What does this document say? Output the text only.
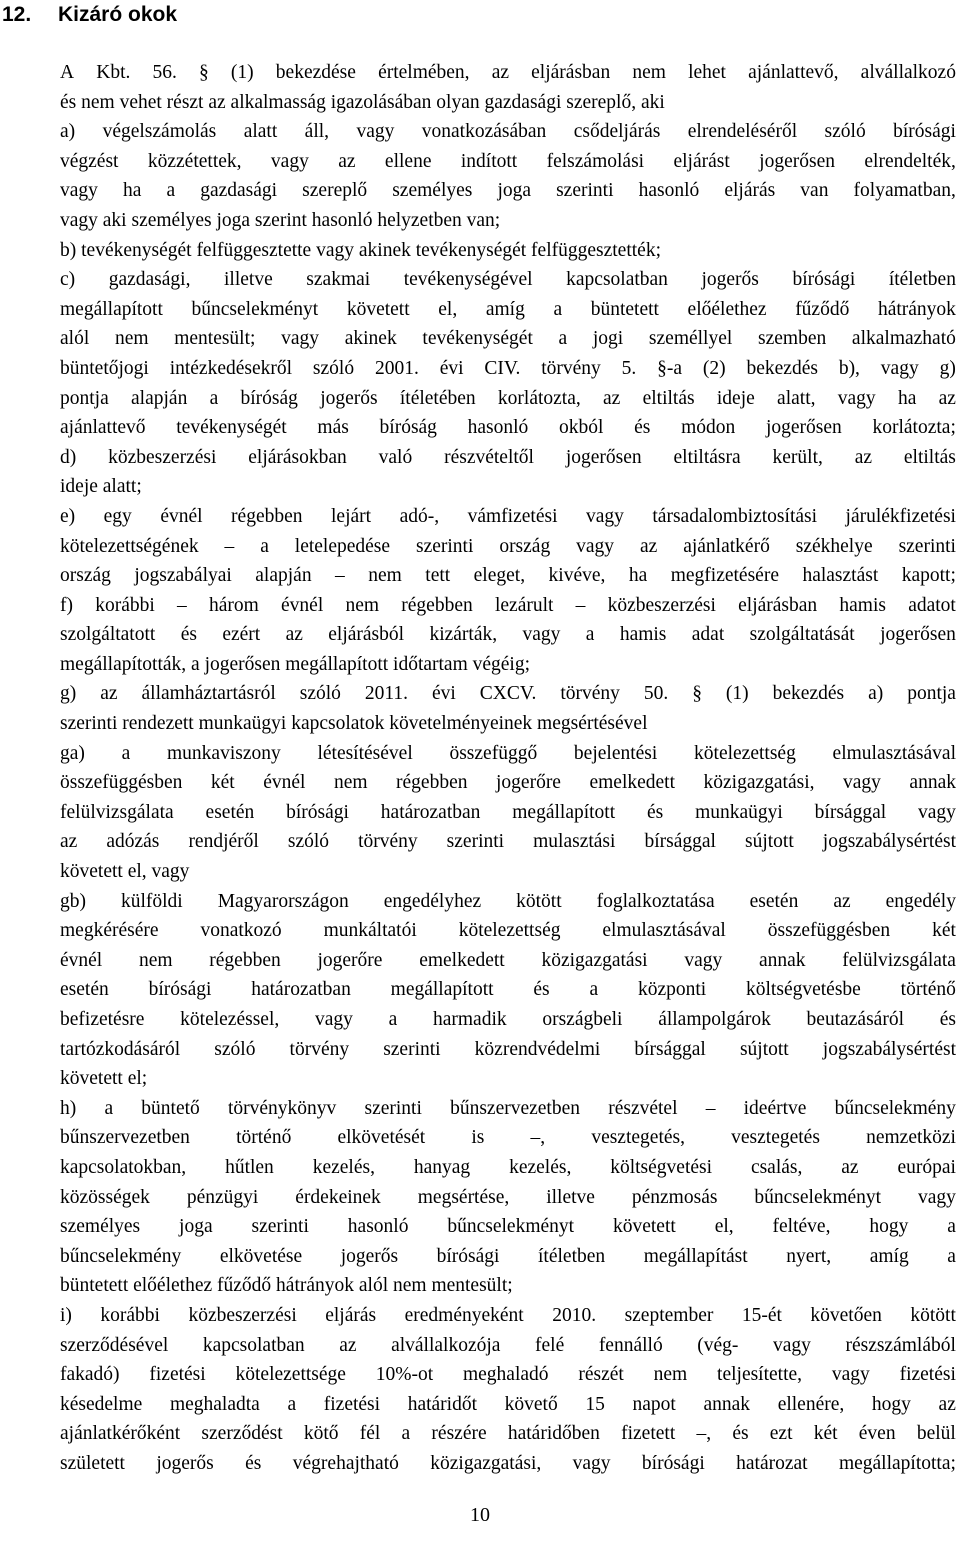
12. Kizáró okok
A Kbt. 56. § (1) bekezdése értelmében, az eljárásban nem lehet ajánlattevő, alvállalkozó
és nem vehet részt az alkalmasság igazolásában olyan gazdasági szereplő, aki
a) végelszámolás alatt áll, vagy vonatkozásában csődeljárás elrendeléséről szóló bírósági
végzést közzétettek, vagy az ellene indított felszámolási eljárást jogerősen elrendelték,
vagy ha a gazdasági szereplő személyes joga szerinti hasonló eljárás van folyamatban,
vagy aki személyes joga szerint hasonló helyzetben van;
b) tevékenységét felfüggesztette vagy akinek tevékenységét felfüggesztették;
c) gazdasági, illetve szakmai tevékenységével kapcsolatban jogerős bírósági ítéletben
megállapított bűncselekményt követett el, amíg a büntetett előélethez fűződő hátrányok
alól nem mentesült; vagy akinek tevékenységét a jogi személlyel szemben alkalmazható
büntetőjogi intézkedésekről szóló 2001. évi CIV. törvény 5. §-a (2) bekezdés b), vagy g)
pontja alapján a bíróság jogerős ítéletében korlátozta, az eltiltás ideje alatt, vagy ha az
ajánlattevő tevékenységét más bíróság hasonló okból és módon jogerősen korlátozta;
d) közbeszerzési eljárásokban való részvételtől jogerősen eltiltásra került, az eltiltás
ideje alatt;
e) egy évnél régebben lejárt adó-, vámfizetési vagy társadalombiztosítási járulékfizetési
kötelezettségének – a letelepedése szerinti ország vagy az ajánlatkérő székhelye szerinti
ország jogszabályai alapján – nem tett eleget, kivéve, ha megfizetésére halasztást kapott;
f) korábbi – három évnél nem régebben lezárult – közbeszerzési eljárásban hamis adatot
szolgáltatott és ezért az eljárásból kizárták, vagy a hamis adat szolgáltatását jogerősen
megállapították, a jogerősen megállapított időtartam végéig;
g) az államháztartásról szóló 2011. évi CXCV. törvény 50. § (1) bekezdés a) pontja
szerinti rendezett munkaügyi kapcsolatok követelményeinek megsértésével
ga) a munkaviszony létesítésével összefüggő bejelentési kötelezettség elmulasztásával
összefüggésben két évnél nem régebben jogerőre emelkedett közigazgatási, vagy annak
felülvizsgálata esetén bírósági határozatban megállapított és munkaügyi bírsággal vagy
az adózás rendjéről szóló törvény szerinti mulasztási bírsággal sújtott jogszabálysértést
követett el, vagy
gb) külföldi Magyarországon engedélyhez kötött foglalkoztatása esetén az engedély
megkérésére vonatkozó munkáltatói kötelezettség elmulasztásával összefüggésben két
évnél nem régebben jogerőre emelkedett közigazgatási vagy annak felülvizsgálata
esetén bírósági határozatban megállapított és a központi költségvetésbe történő
befizetésre kötelezéssel, vagy a harmadik országbeli állampolgárok beutazásáról és
tartózkodásáról szóló törvény szerinti közrendvédelmi bírsággal sújtott jogszabálysértést
követett el;
h) a büntető törvénykönyv szerinti bűnszervezetben részvétel – ideértve bűncselekmény
bűnszervezetben történő elkövetését is –, vesztegetés, vesztegetés nemzetközi
kapcsolatokban, hűtlen kezelés, hanyag kezelés, költségvetési csalás, az európai
közösségek pénzügyi érdekeinek megsértése, illetve pénzmosás bűncselekményt vagy
személyes joga szerinti hasonló bűncselekményt követett el, feltéve, hogy a
bűncselekmény elkövetése jogerős bírósági ítéletben megállapítást nyert, amíg a
büntetett előélethez fűződő hátrányok alól nem mentesült;
i) korábbi közbeszerzési eljárás eredményeként 2010. szeptember 15-ét követően kötött
szerződésével kapcsolatban az alvállalkozója felé fennálló (vég- vagy részszámlából
fakadó) fizetési kötelezettsége 10%-ot meghaladó részét nem teljesítette, vagy fizetési
késedelme meghaladta a fizetési határidőt követő 15 napot annak ellenére, hogy az
ajánlatkérőként szerződést kötő fél a részére határidőben fizetett –, és ezt két éven belül
született jogerős és végrehajtható közigazgatási, vagy bírósági határozat megállapította;
10
